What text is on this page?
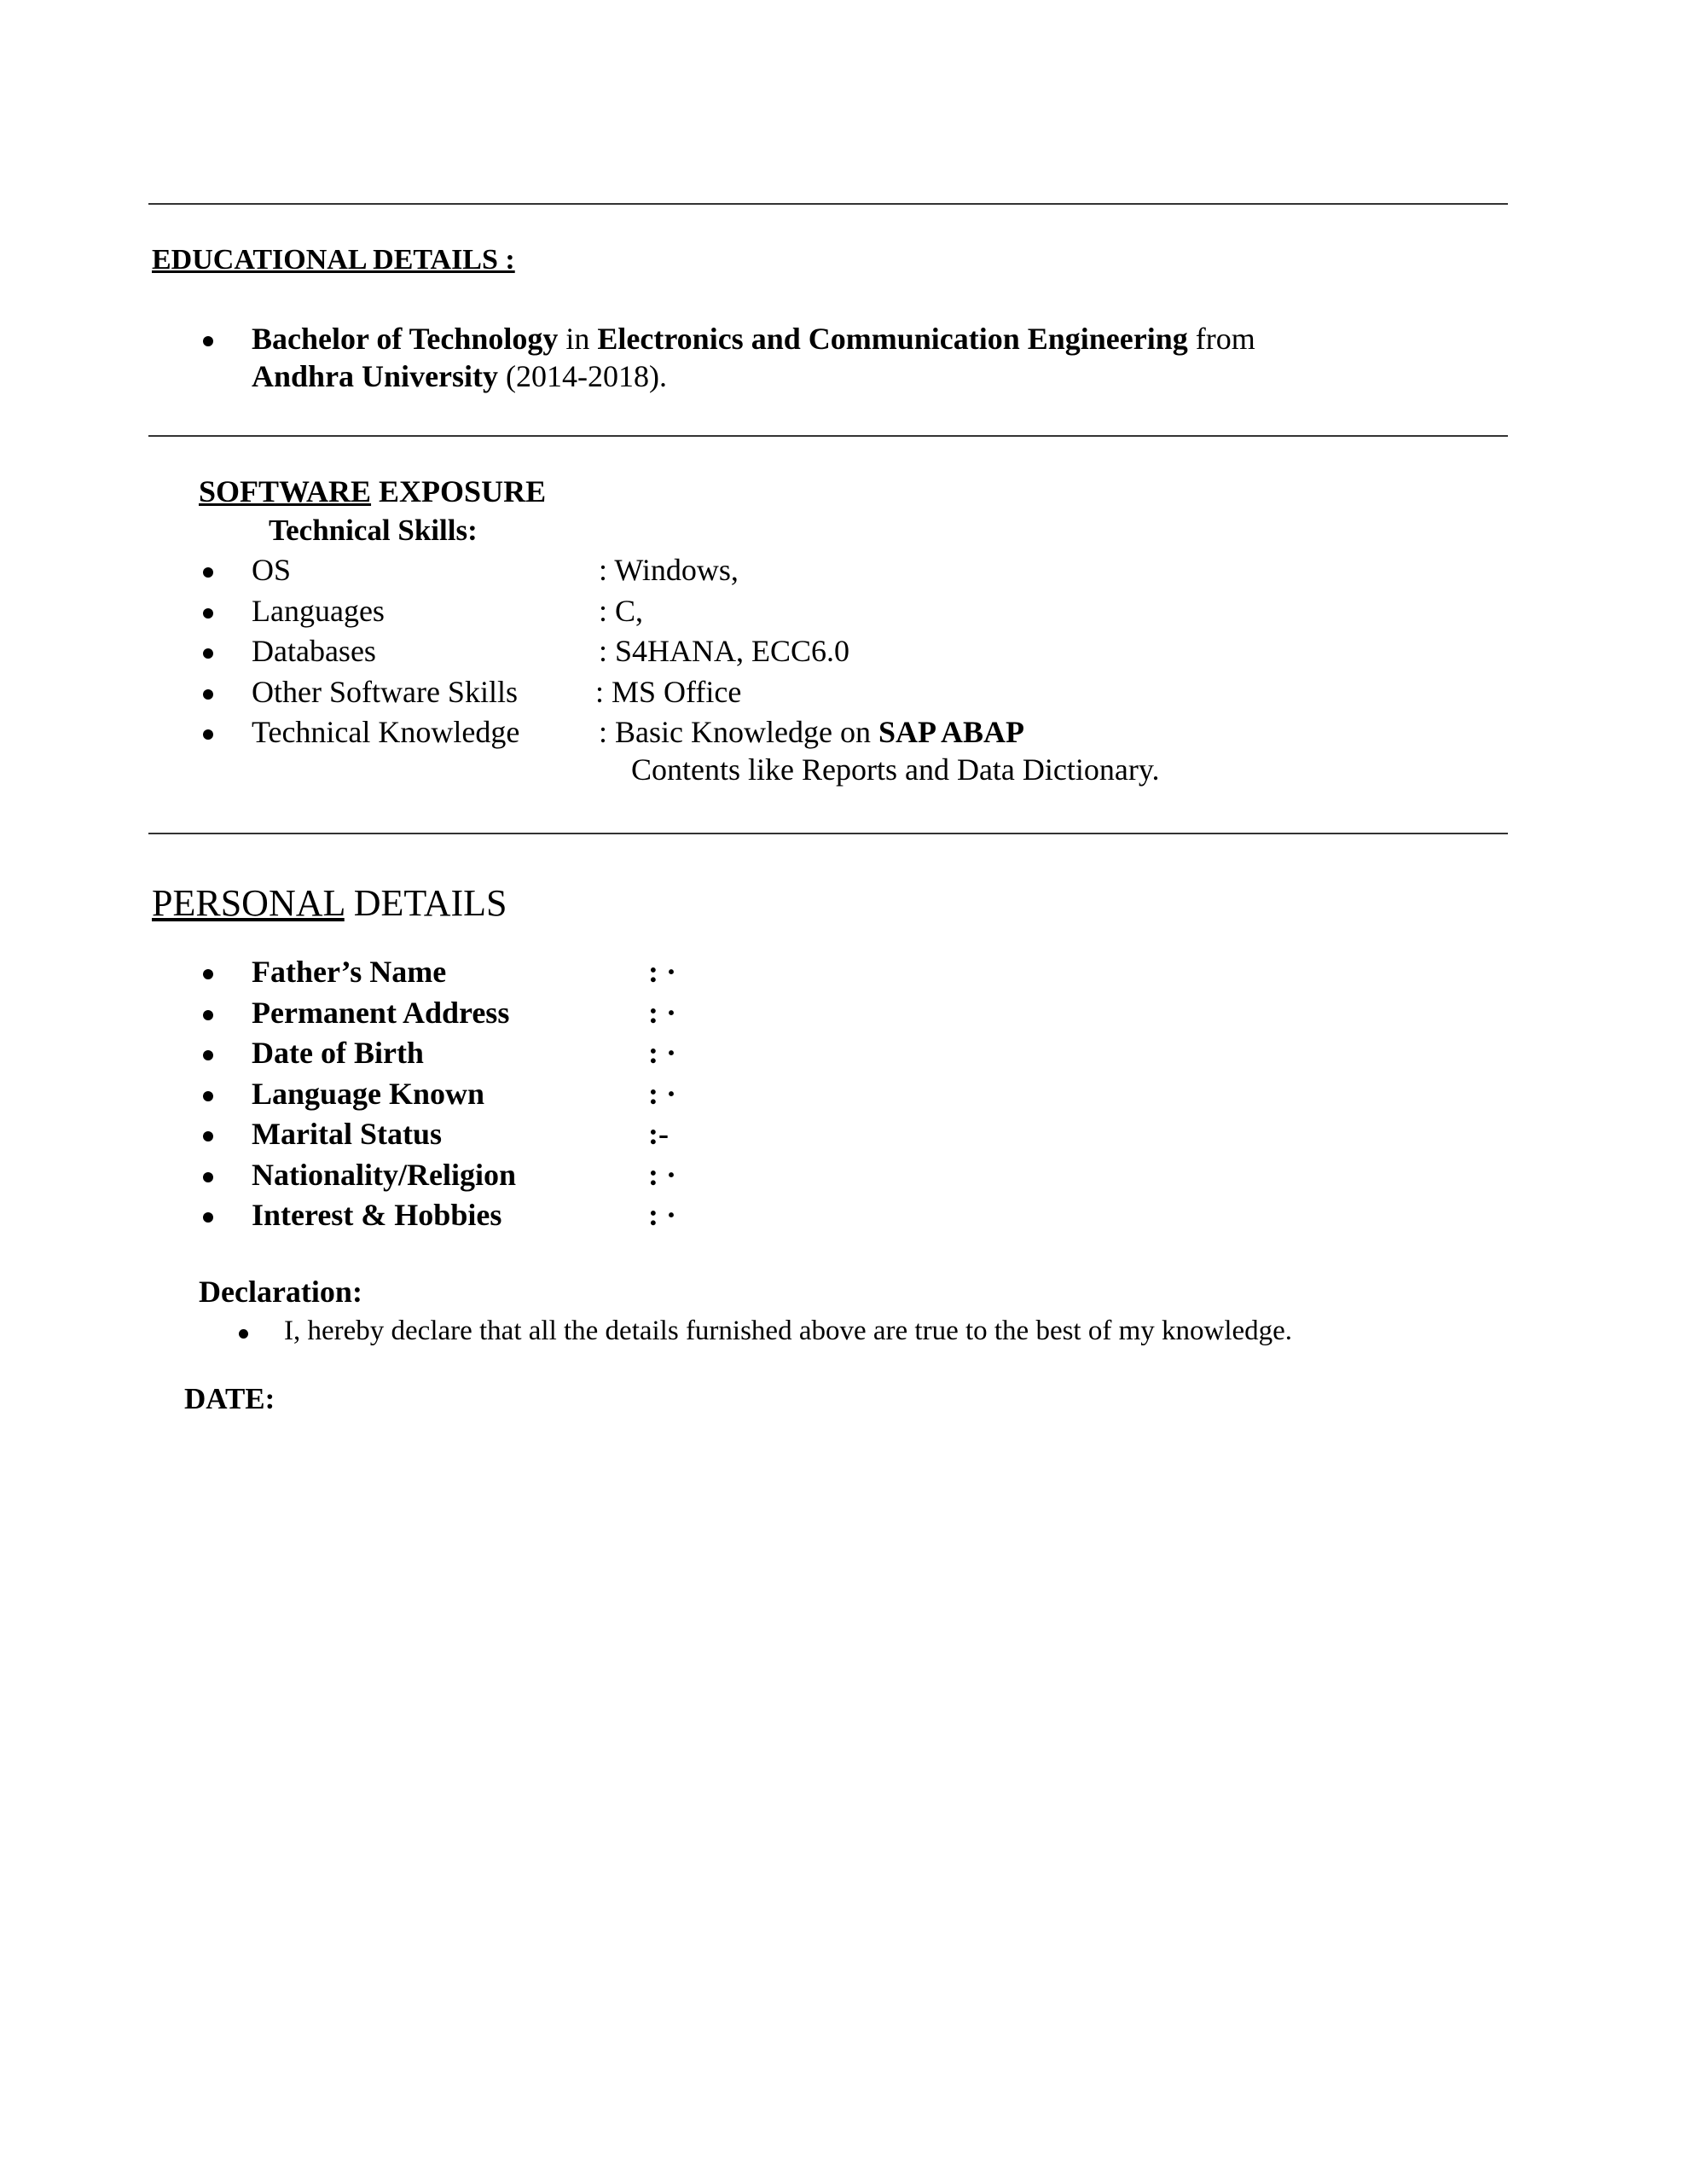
EDUCATIONAL DETAILS :
Bachelor of Technology in Electronics and Communication Engineering from
Andhra University (2014-2018).
SOFTWARE EXPOSURE
Technical Skills:
OS	: Windows,
Languages	: C,
Databases	: S4HANA, ECC6.0
Other Software Skills	: MS Office
Technical Knowledge	: Basic Knowledge on SAP ABAP
Contents like Reports and Data Dictionary.
PERSONAL DETAILS
Father’s Name	: ·
Permanent Address	: ·
Date of Birth	: ·
Language Known	: ·
Marital Status	:-
Nationality/Religion	: ·
Interest & Hobbies	: ·
Declaration:
I, hereby declare that all the details furnished above are true to the best of my knowledge.
DATE:
